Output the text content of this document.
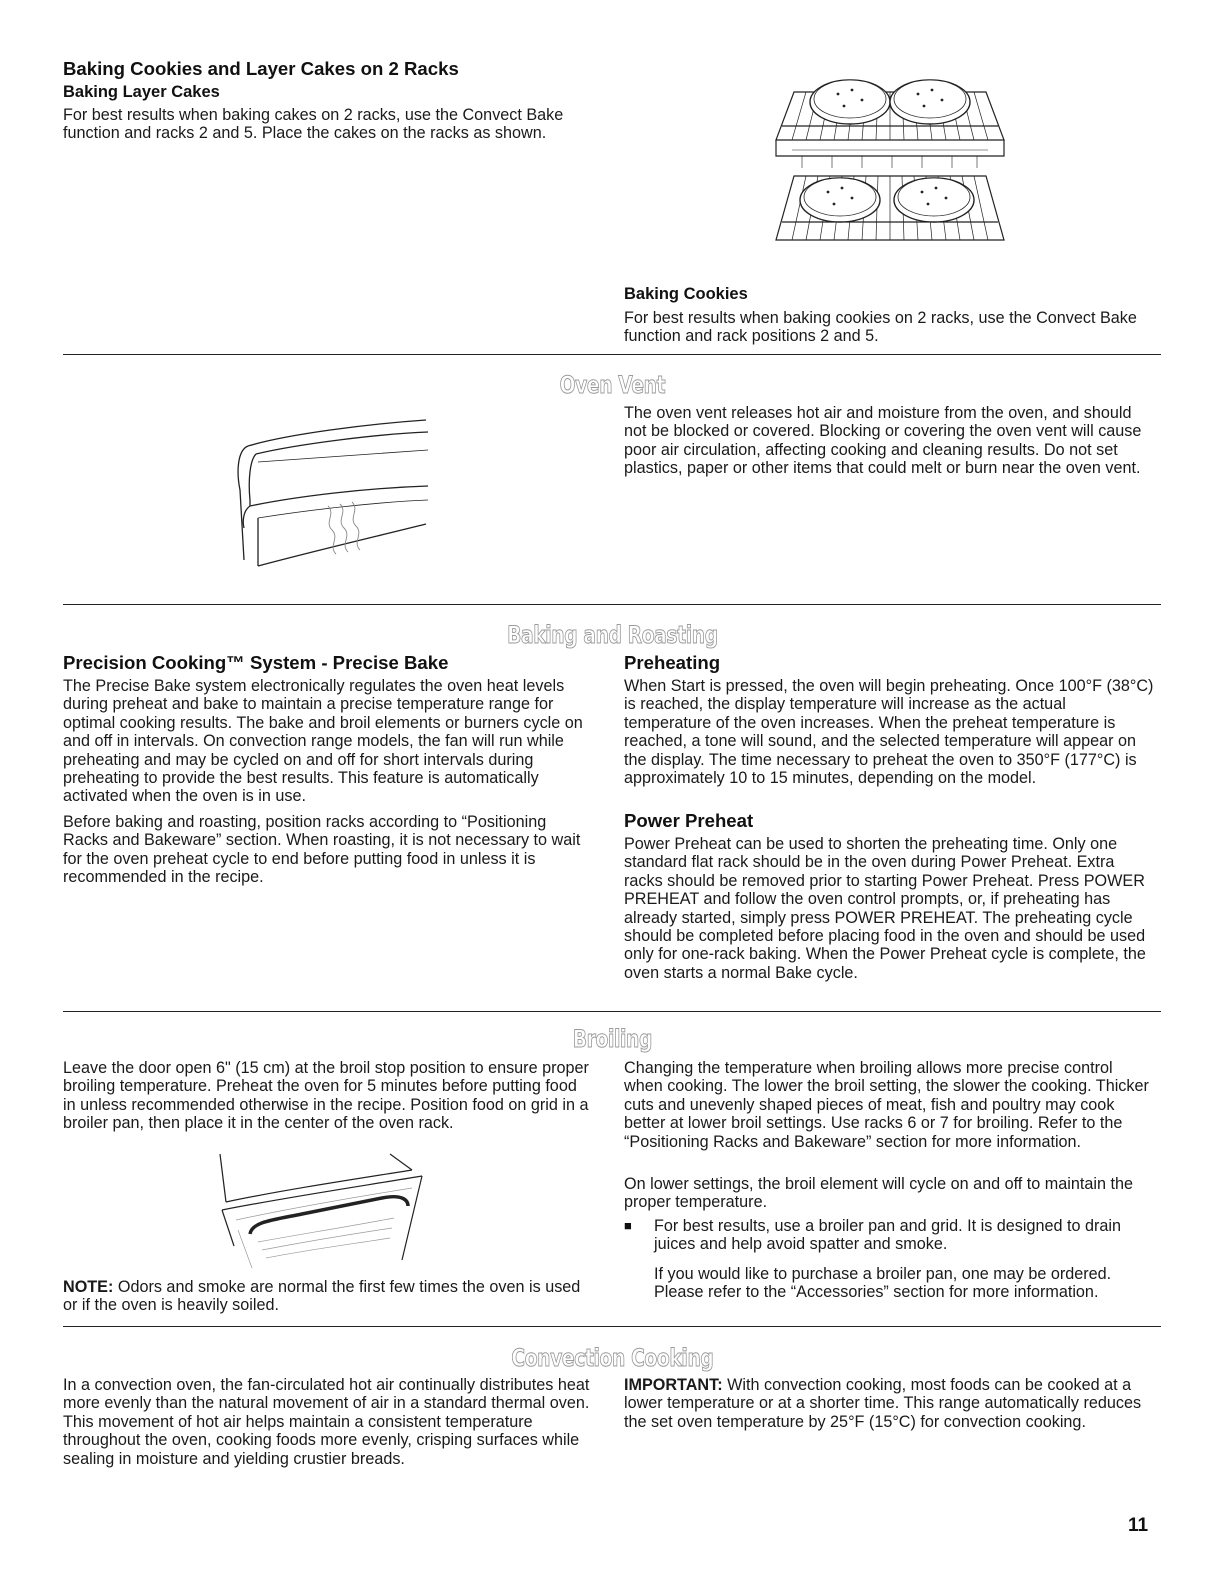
Baking Cookies and Layer Cakes on 2 Racks
Baking Layer Cakes

For best results when baking cakes on 2 racks, use the Convect Bake function and racks 2 and 5. Place the cakes on the racks as shown.

Baking Cookies

For best results when baking cookies on 2 racks, use the Convect Bake function and rack positions 2 and 5.

Oven Vent

The oven vent releases hot air and moisture from the oven, and should not be blocked or covered. Blocking or covering the oven vent will cause poor air circulation, affecting cooking and cleaning results. Do not set plastics, paper or other items that could melt or burn near the oven vent.

Baking and Roasting
Precision Cooking™ System - Precise Bake

The Precise Bake system electronically regulates the oven heat levels during preheat and bake to maintain a precise temperature range for optimal cooking results. The bake and broil elements or burners cycle on and off in intervals. On convection range models, the fan will run while preheating and may be cycled on and off for short intervals during preheating to provide the best results. This feature is automatically activated when the oven is in use.

Before baking and roasting, position racks according to “Positioning Racks and Bakeware” section. When roasting, it is not necessary to wait for the oven preheat cycle to end before putting food in unless it is recommended in the recipe.

Preheating

When Start is pressed, the oven will begin preheating. Once 100°F (38°C) is reached, the display temperature will increase as the actual temperature of the oven increases. When the preheat temperature is reached, a tone will sound, and the selected temperature will appear on the display. The time necessary to preheat the oven to 350°F (177°C) is approximately 10 to 15 minutes, depending on the model.

Power Preheat

Power Preheat can be used to shorten the preheating time. Only one standard flat rack should be in the oven during Power Preheat. Extra racks should be removed prior to starting Power Preheat. Press POWER PREHEAT and follow the oven control prompts, or, if preheating has already started, simply press POWER PREHEAT. The preheating cycle should be completed before placing food in the oven and should be used only for one-rack baking. When the Power Preheat cycle is complete, the oven starts a normal Bake cycle.

Broiling

Leave the door open 6" (15 cm) at the broil stop position to ensure proper broiling temperature. Preheat the oven for 5 minutes before putting food in unless recommended otherwise in the recipe. Position food on grid in a broiler pan, then place it in the center of the oven rack.

NOTE: Odors and smoke are normal the first few times the oven is used or if the oven is heavily soiled.

Changing the temperature when broiling allows more precise control when cooking. The lower the broil setting, the slower the cooking. Thicker cuts and unevenly shaped pieces of meat, fish and poultry may cook better at lower broil settings. Use racks 6 or 7 for broiling. Refer to the “Positioning Racks and Bakeware” section for more information.

On lower settings, the broil element will cycle on and off to maintain the proper temperature.

■	For best results, use a broiler pan and grid. It is designed to drain juices and help avoid spatter and smoke.

If you would like to purchase a broiler pan, one may be ordered. Please refer to the “Accessories” section for more information.

Convection Cooking

In a convection oven, the fan-circulated hot air continually distributes heat more evenly than the natural movement of air in a standard thermal oven. This movement of hot air helps maintain a consistent temperature throughout the oven, cooking foods more evenly, crisping surfaces while sealing in moisture and yielding crustier breads.

IMPORTANT: With convection cooking, most foods can be cooked at a lower temperature or at a shorter time. This range automatically reduces the set oven temperature by 25°F (15°C) for convection cooking.

11
